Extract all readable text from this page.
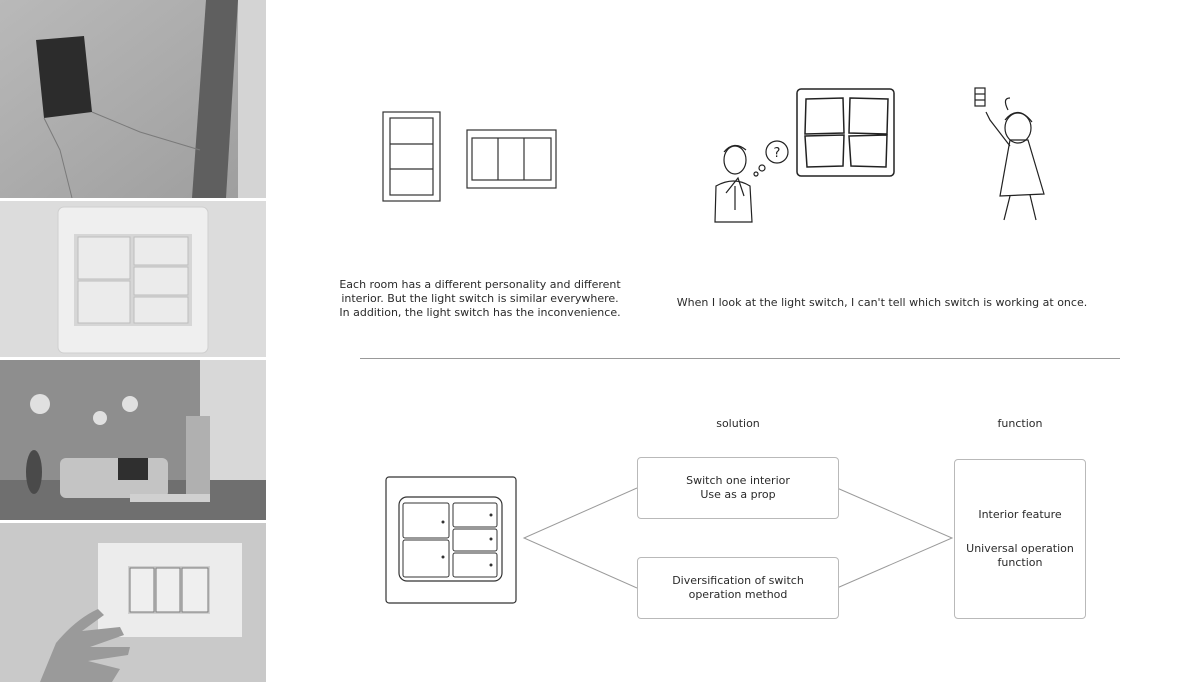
?
Each room has a different personality and different
interior. But the light switch is similar everywhere.
In addition, the light switch has the inconvenience.
When I look at the light switch, I can't tell which switch is working at once.
solution	function
Switch one interior
Use as a prop
Diversification of switch
operation method
Interior feature
Universal operation
function
